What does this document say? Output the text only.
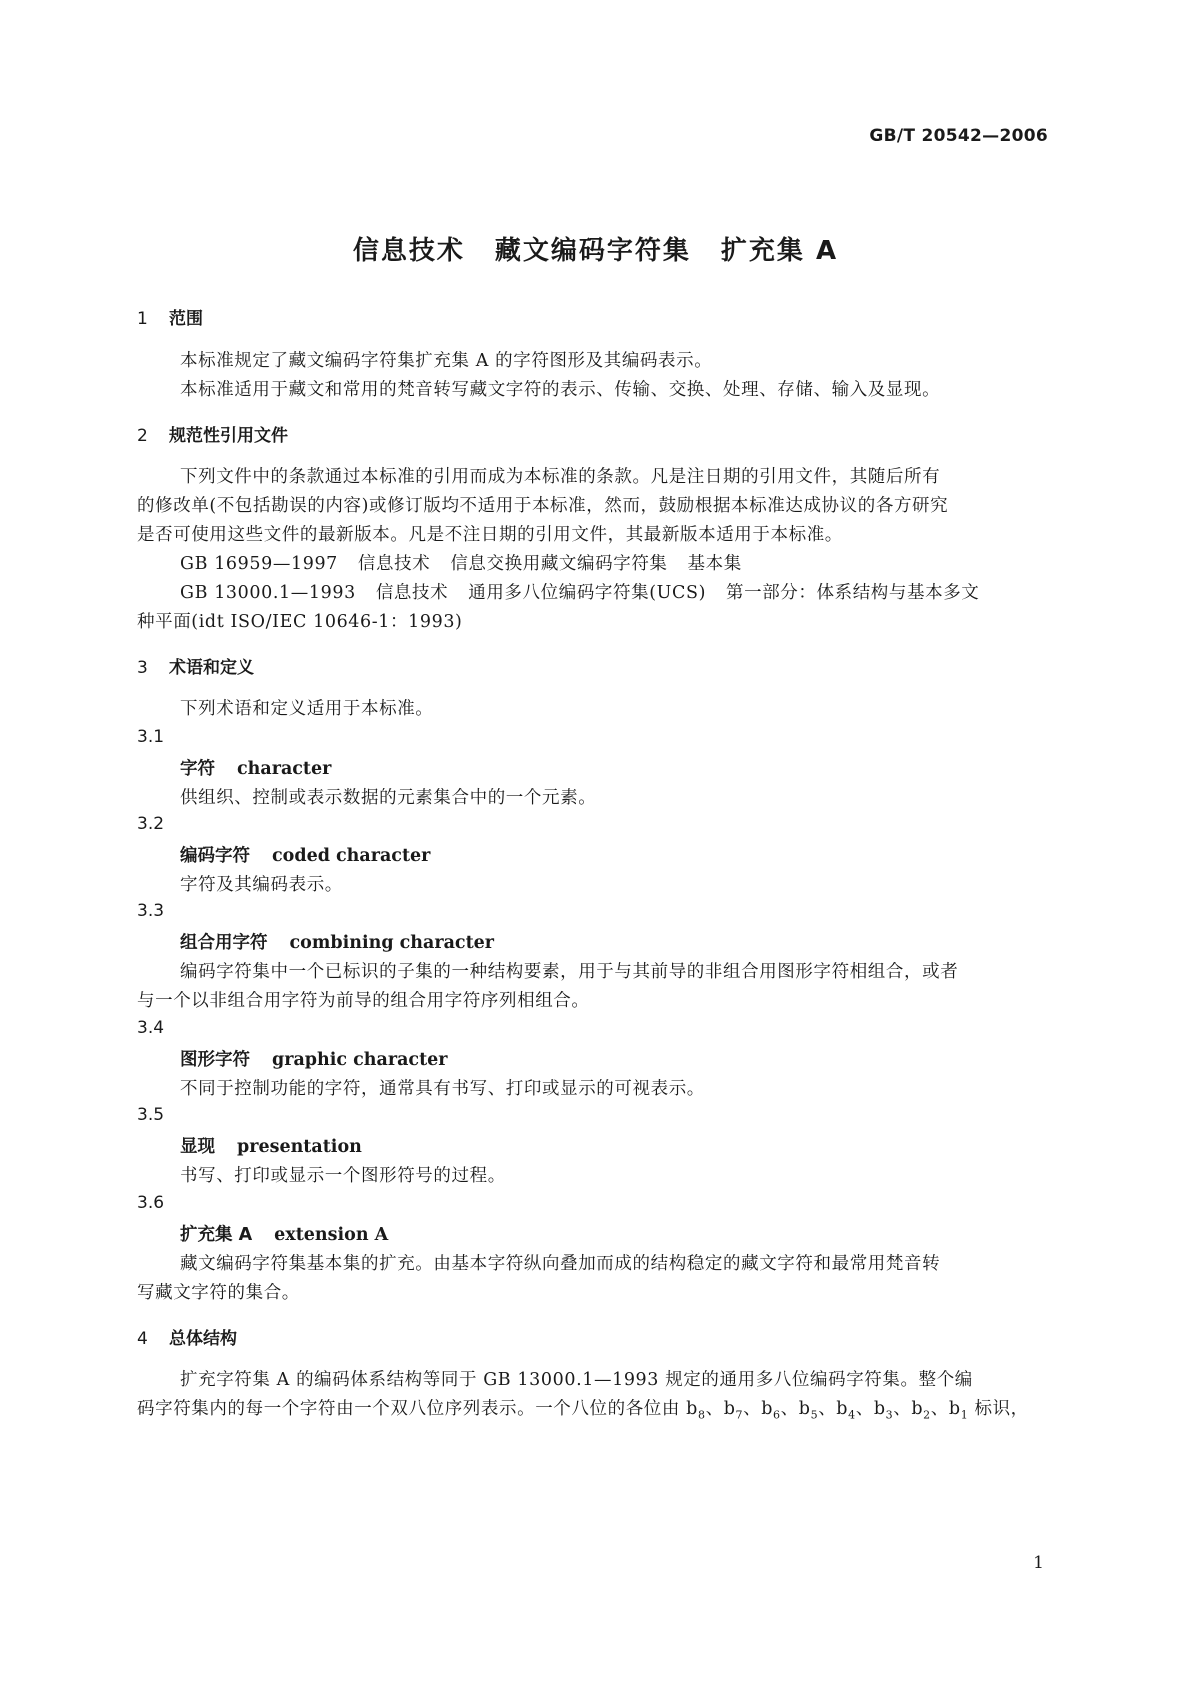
GB/T 20542—2006
信息技术 藏文编码字符集 扩充集 A
1 范围
本标准规定了藏文编码字符集扩充集 A 的字符图形及其编码表示。
本标准适用于藏文和常用的梵音转写藏文字符的表示、传输、交换、处理、存储、输入及显现。
2 规范性引用文件
下列文件中的条款通过本标准的引用而成为本标准的条款。凡是注日期的引用文件，其随后所有
的修改单(不包括勘误的内容)或修订版均不适用于本标准，然而，鼓励根据本标准达成协议的各方研究
是否可使用这些文件的最新版本。凡是不注日期的引用文件，其最新版本适用于本标准。
GB 16959—1997 信息技术 信息交换用藏文编码字符集 基本集
GB 13000.1—1993 信息技术 通用多八位编码字符集(UCS) 第一部分：体系结构与基本多文
种平面(idt ISO/IEC 10646-1：1993)
3 术语和定义
下列术语和定义适用于本标准。
3.1
字符 character
供组织、控制或表示数据的元素集合中的一个元素。
3.2
编码字符 coded character
字符及其编码表示。
3.3
组合用字符 combining character
编码字符集中一个已标识的子集的一种结构要素，用于与其前导的非组合用图形字符相组合，或者
与一个以非组合用字符为前导的组合用字符序列相组合。
3.4
图形字符 graphic character
不同于控制功能的字符，通常具有书写、打印或显示的可视表示。
3.5
显现 presentation
书写、打印或显示一个图形符号的过程。
3.6
扩充集 A extension A
藏文编码字符集基本集的扩充。由基本字符纵向叠加而成的结构稳定的藏文字符和最常用梵音转
写藏文字符的集合。
4 总体结构
扩充字符集 A 的编码体系结构等同于 GB 13000.1—1993 规定的通用多八位编码字符集。整个编
码字符集内的每一个字符由一个双八位序列表示。一个八位的各位由 $b_8$、$b_7$、$b_6$、$b_5$、$b_4$、$b_3$、$b_2$、$b_1$ 标识，
1
